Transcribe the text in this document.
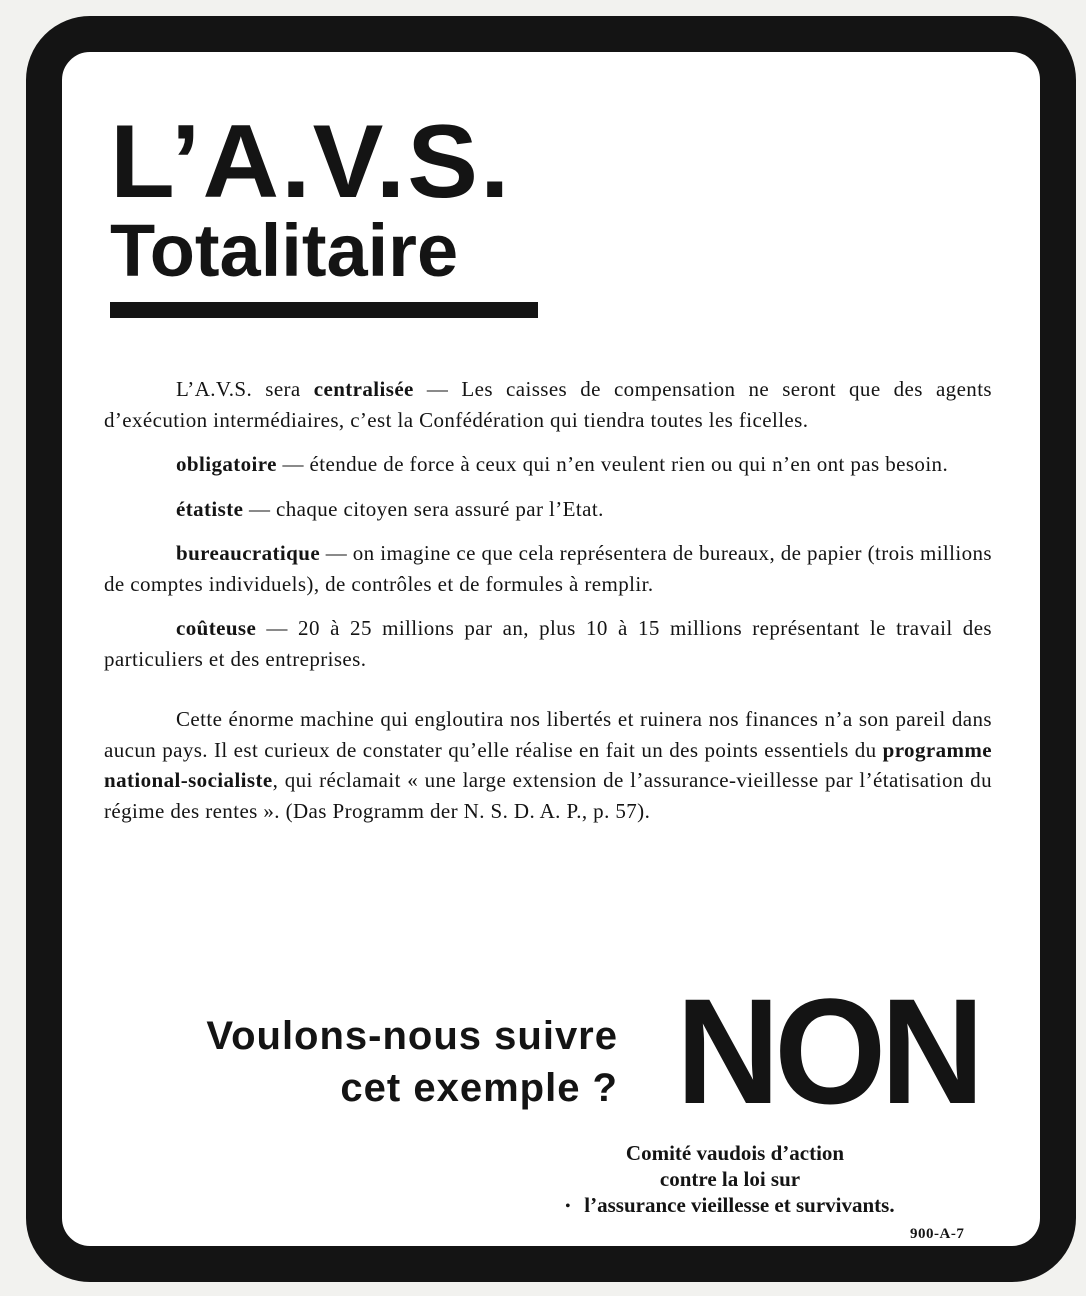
L’A.V.S.
Totalitaire

L’A.V.S. sera centralisée — Les caisses de compensation ne seront que des agents d’exécution intermédiaires, c’est la Confédération qui tiendra toutes les ficelles.

obligatoire — étendue de force à ceux qui n’en veulent rien ou qui n’en ont pas besoin.

étatiste — chaque citoyen sera assuré par l’Etat.

bureaucratique — on imagine ce que cela représentera de bureaux, de papier (trois millions de comptes individuels), de contrôles et de formules à remplir.

coûteuse — 20 à 25 millions par an, plus 10 à 15 millions représentant le travail des particuliers et des entreprises.

Cette énorme machine qui engloutira nos libertés et ruinera nos finances n’a son pareil dans aucun pays. Il est curieux de constater qu’elle réalise en fait un des points essentiels du programme national-socialiste, qui réclamait « une large extension de l’assurance-vieillesse par l’étatisation du régime des rentes ». (Das Programm der N. S. D. A. P., p. 57).

Voulons-nous suivre
cet exemple ? NON
Comité vaudois d’action
contre la loi sur
• l’assurance vieillesse et survivants.
900-A-7
